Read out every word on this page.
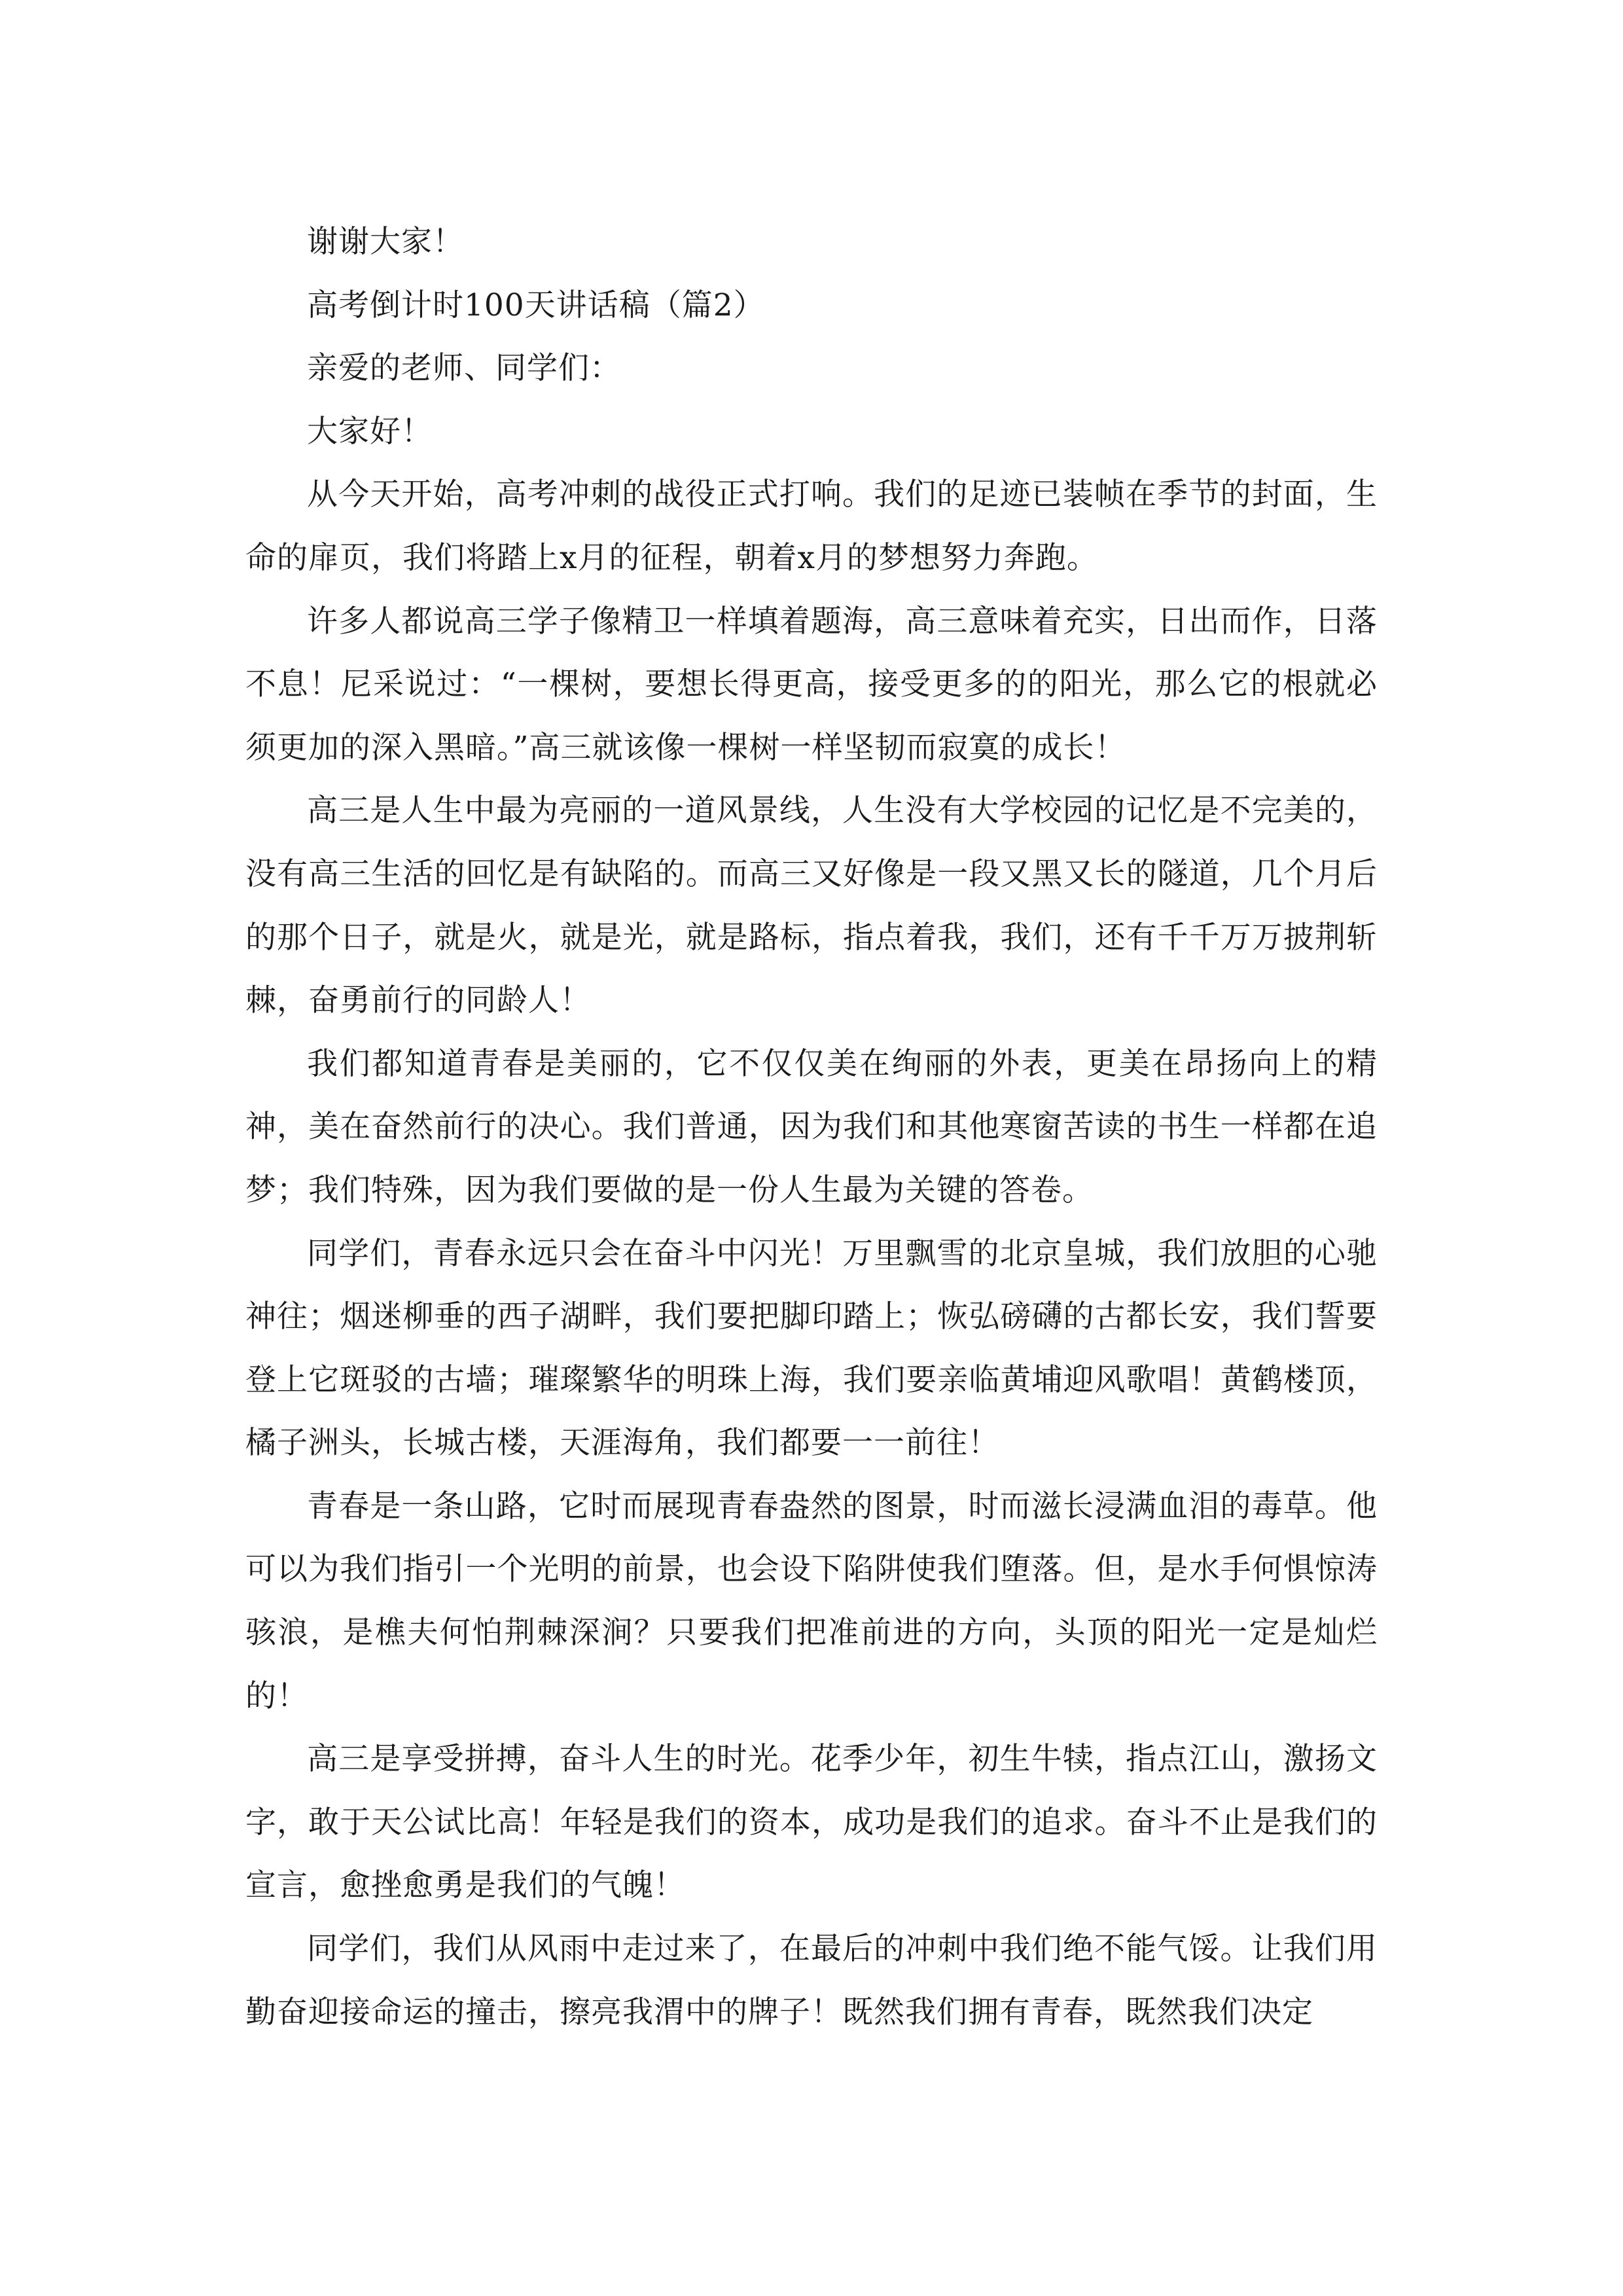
谢谢大家！

高考倒计时100天讲话稿（篇2）

亲爱的老师、同学们：

大家好！

从今天开始，高考冲刺的战役正式打响。我们的足迹已装帧在季节的封面，生命的扉页，我们将踏上x月的征程，朝着x月的梦想努力奔跑。

许多人都说高三学子像精卫一样填着题海，高三意味着充实，日出而作，日落不息！尼采说过：“一棵树，要想长得更高，接受更多的的阳光，那么它的根就必须更加的深入黑暗。”高三就该像一棵树一样坚韧而寂寞的成长！

高三是人生中最为亮丽的一道风景线，人生没有大学校园的记忆是不完美的，没有高三生活的回忆是有缺陷的。而高三又好像是一段又黑又长的隧道，几个月后的那个日子，就是火，就是光，就是路标，指点着我，我们，还有千千万万披荆斩棘，奋勇前行的同龄人！

我们都知道青春是美丽的，它不仅仅美在绚丽的外表，更美在昂扬向上的精神，美在奋然前行的决心。我们普通，因为我们和其他寒窗苦读的书生一样都在追梦；我们特殊，因为我们要做的是一份人生最为关键的答卷。

同学们，青春永远只会在奋斗中闪光！万里飘雪的北京皇城，我们放胆的心驰神往；烟迷柳垂的西子湖畔，我们要把脚印踏上；恢弘磅礴的古都长安，我们誓要登上它斑驳的古墙；璀璨繁华的明珠上海，我们要亲临黄埔迎风歌唱！黄鹤楼顶，橘子洲头，长城古楼，天涯海角，我们都要一一前往！

青春是一条山路，它时而展现青春盎然的图景，时而滋长浸满血泪的毒草。他可以为我们指引一个光明的前景，也会设下陷阱使我们堕落。但，是水手何惧惊涛骇浪，是樵夫何怕荆棘深涧？只要我们把准前进的方向，头顶的阳光一定是灿烂的！

高三是享受拼搏，奋斗人生的时光。花季少年，初生牛犊，指点江山，激扬文字，敢于天公试比高！年轻是我们的资本，成功是我们的追求。奋斗不止是我们的宣言，愈挫愈勇是我们的气魄！

同学们，我们从风雨中走过来了，在最后的冲刺中我们绝不能气馁。让我们用勤奋迎接命运的撞击，擦亮我渭中的牌子！既然我们拥有青春，既然我们决定
